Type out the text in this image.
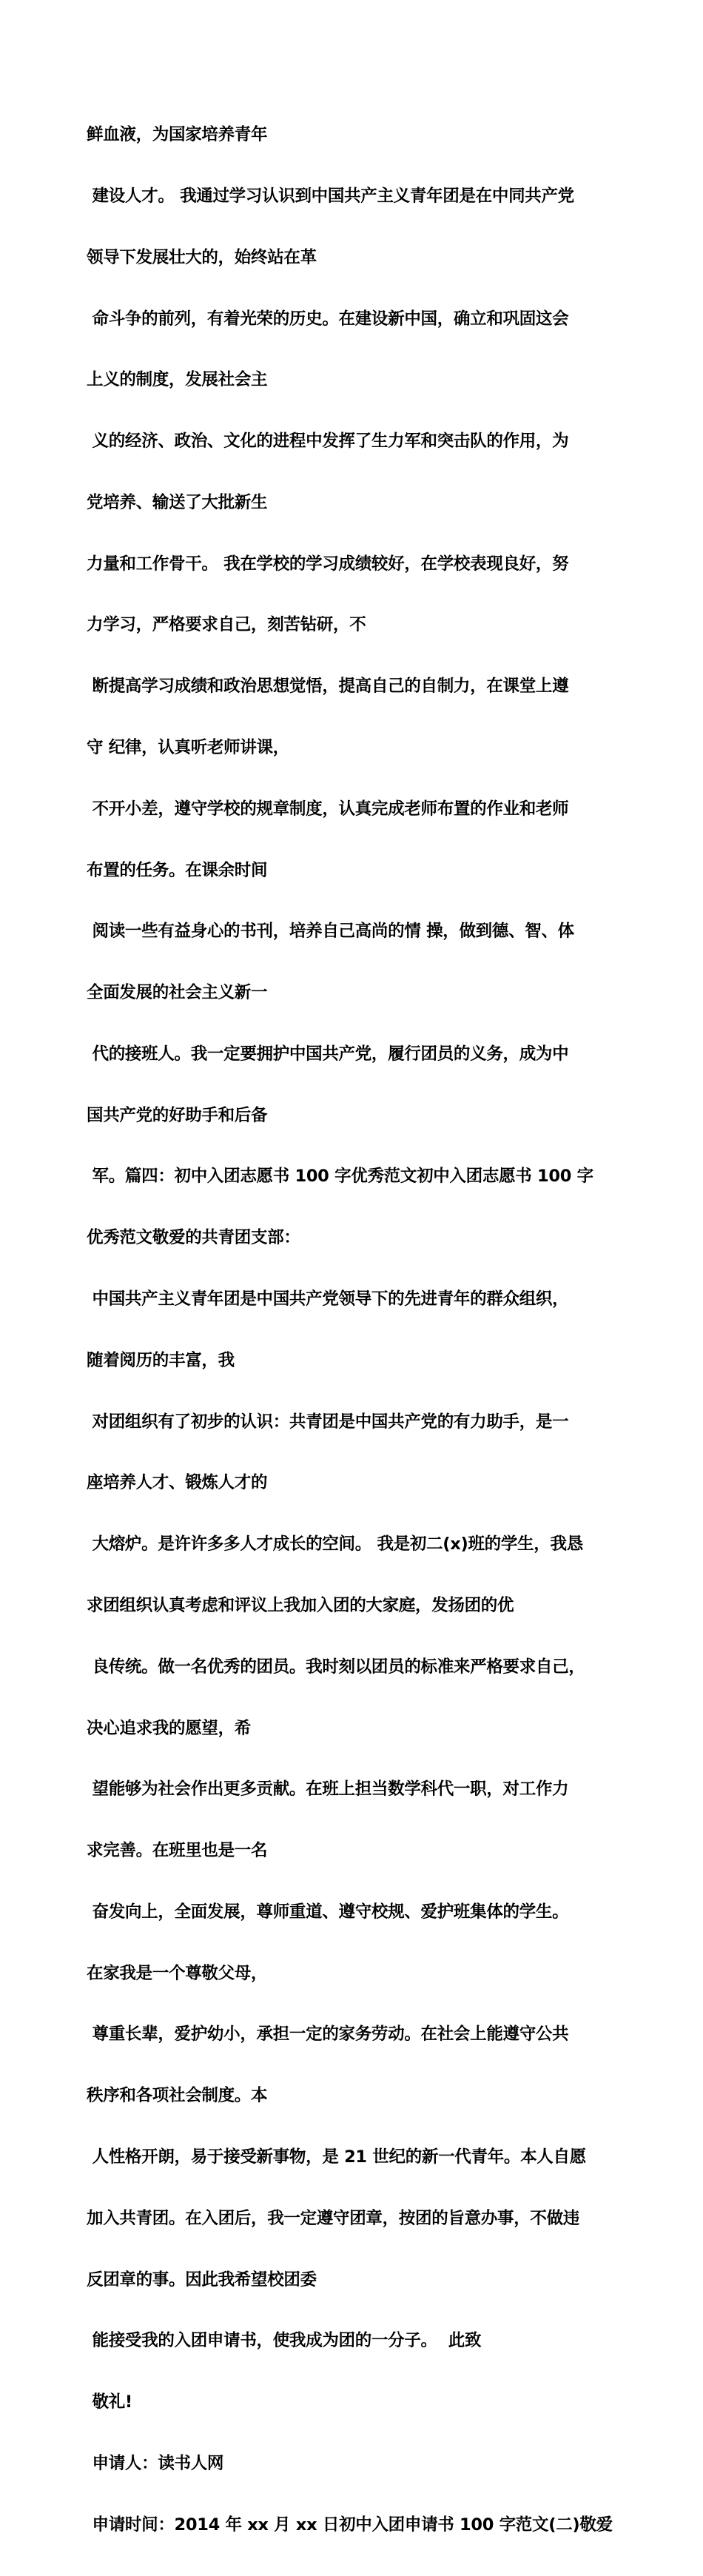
鲜血液，为国家培养青年

建设人才。 我通过学习认识到中国共产主义青年团是在中同共产党

领导下发展壮大的，始终站在革

命斗争的前列，有着光荣的历史。在建设新中国，确立和巩固这会

上义的制度，发展社会主

义的经济、政治、文化的进程中发挥了生力军和突击队的作用，为

党培养、输送了大批新生

力量和工作骨干。 我在学校的学习成绩较好，在学校表现良好，努

力学习，严格要求自己，刻苦钻研，不

断提高学习成绩和政治思想觉悟，提高自己的自制力，在课堂上遵

守 纪律，认真听老师讲课，

不开小差，遵守学校的规章制度，认真完成老师布置的作业和老师

布置的任务。在课余时间

阅读一些有益身心的书刊，培养自己高尚的情 操，做到德、智、体

全面发展的社会主义新一

代的接班人。我一定要拥护中国共产党，履行团员的义务，成为中

国共产党的好助手和后备

军。篇四：初中入团志愿书 100 字优秀范文初中入团志愿书 100 字

优秀范文敬爱的共青团支部：

中国共产主义青年团是中国共产党领导下的先进青年的群众组织，

随着阅历的丰富，我

对团组织有了初步的认识：共青团是中国共产党的有力助手，是一

座培养人才、锻炼人才的

大熔炉。是许许多多人才成长的空间。 我是初二(x)班的学生，我恳

求团组织认真考虑和评议上我加入团的大家庭，发扬团的优

良传统。做一名优秀的团员。我时刻以团员的标准来严格要求自己，

决心追求我的愿望，希

望能够为社会作出更多贡献。在班上担当数学科代一职，对工作力

求完善。在班里也是一名

奋发向上，全面发展，尊师重道、遵守校规、爱护班集体的学生。

在家我是一个尊敬父母，

尊重长辈，爱护幼小，承担一定的家务劳动。在社会上能遵守公共

秩序和各项社会制度。本

人性格开朗，易于接受新事物，是 21 世纪的新一代青年。本人自愿

加入共青团。在入团后，我一定遵守团章，按团的旨意办事，不做违

反团章的事。因此我希望校团委

能接受我的入团申请书，使我成为团的一分子。  此致

敬礼!

申请人：读书人网

申请时间：2014 年 xx 月 xx 日初中入团申请书 100 字范文(二)敬爱
